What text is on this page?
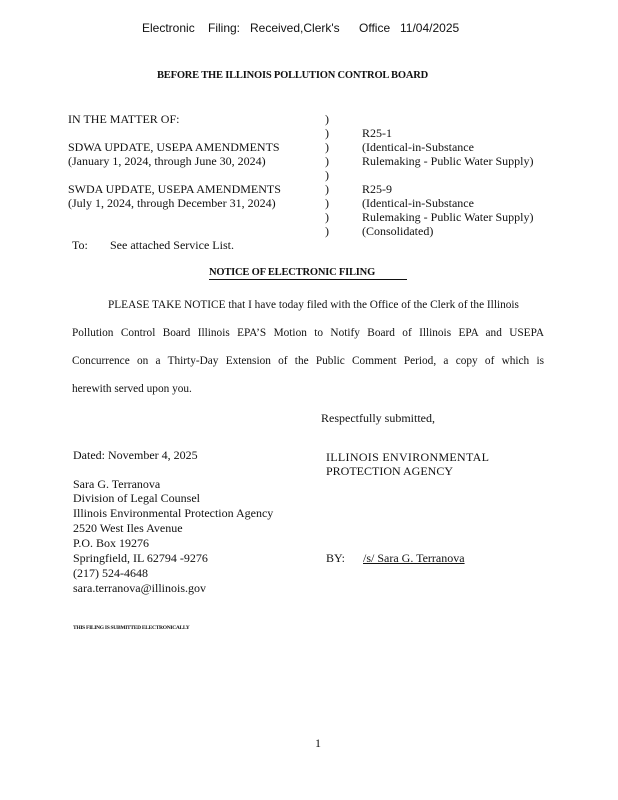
Electronic Filing: Received,Clerk's Office 11/04/2025
BEFORE THE ILLINOIS POLLUTION CONTROL BOARD
IN THE MATTER OF:
SDWA UPDATE, USEPA AMENDMENTS
(January 1, 2024, through June 30, 2024)
SWDA UPDATE, USEPA AMENDMENTS
(July 1, 2024, through December 31, 2024)
)
)
)
)
)
)
)
)
)
R25-1
(Identical-in-Substance
Rulemaking - Public Water Supply)
R25-9
(Identical-in-Substance
Rulemaking - Public Water Supply)
(Consolidated)
To: See attached Service List.
NOTICE OF ELECTRONIC FILING
PLEASE TAKE NOTICE that I have today filed with the Office of the Clerk of the Illinois
Pollution Control Board Illinois EPA’S Motion to Notify Board of Illinois EPA and USEPA
Concurrence on a Thirty-Day Extension of the Public Comment Period, a copy of which is
herewith served upon you.
Respectfully submitted,
Dated: November 4, 2025	ILLINOIS ENVIRONMENTAL
PROTECTION AGENCY
Sara G. Terranova
Division of Legal Counsel
Illinois Environmental Protection Agency
2520 West Iles Avenue
P.O. Box 19276
Springfield, IL 62794 -9276
(217) 524-4648
sara.terranova@illinois.gov
BY: /s/ Sara G. Terranova
THIS FILING IS SUBMITTED ELECTRONICALLY
1
